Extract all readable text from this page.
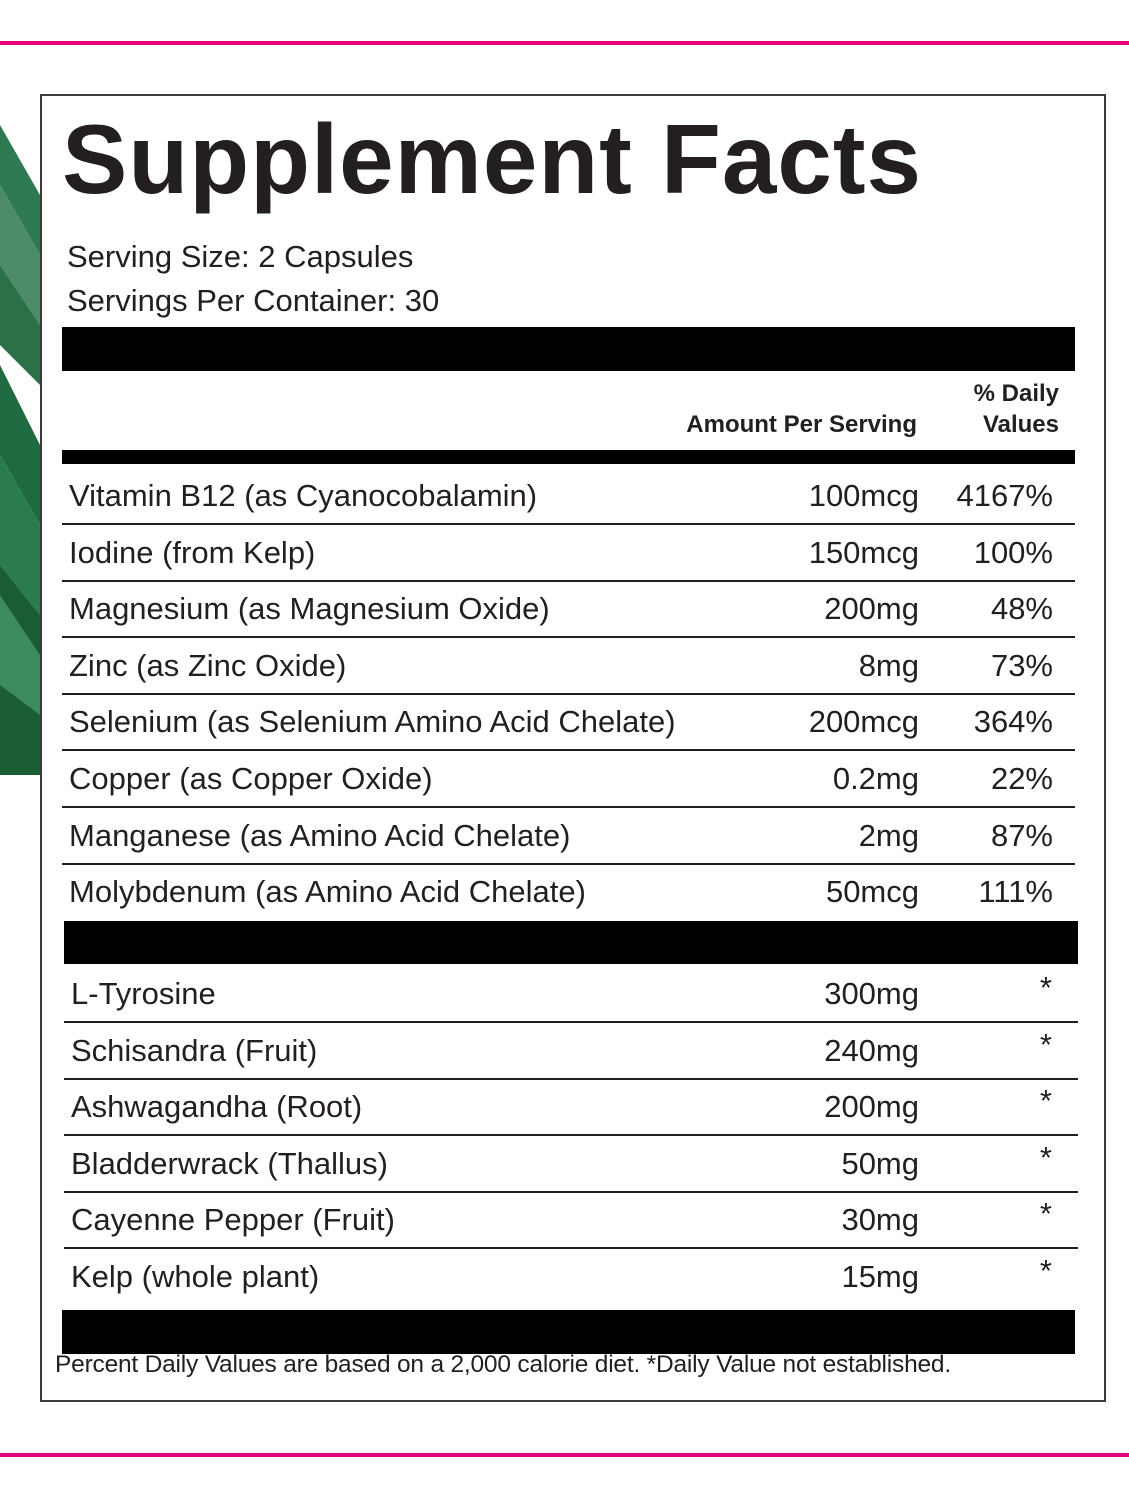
Supplement Facts
Serving Size: 2 Capsules
Servings Per Container: 30
Amount Per Serving
% Daily
Values
Vitamin B12 (as Cyanocobalamin)	100mcg 4167%
Iodine (from Kelp)	150mcg 100%
Magnesium (as Magnesium Oxide)	200mg 48%
Zinc (as Zinc Oxide)	8mg 73%
Selenium (as Selenium Amino Acid Chelate)	200mcg 364%
Copper (as Copper Oxide)	0.2mg 22%
Manganese (as Amino Acid Chelate)	2mg 87%
Molybdenum (as Amino Acid Chelate)	50mcg 111%
L-Tyrosine	300mg	*
Schisandra (Fruit)	240mg	*
Ashwagandha (Root)	200mg	*
Bladderwrack (Thallus)	50mg	*
Cayenne Pepper (Fruit)	30mg	*
Kelp (whole plant)	15mg	*
Percent Daily Values are based on a 2,000 calorie diet. *Daily Value not established.
